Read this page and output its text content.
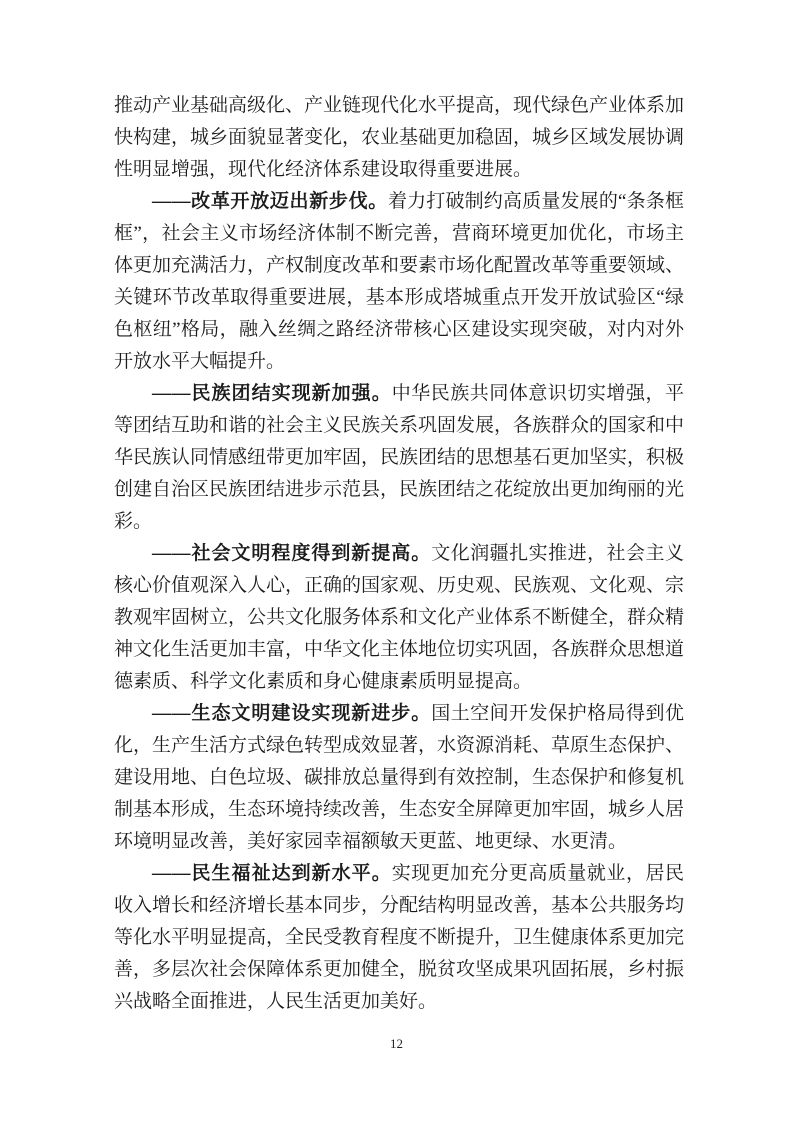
推动产业基础高级化、产业链现代化水平提高，现代绿色产业体系加快构建，城乡面貌显著变化，农业基础更加稳固，城乡区域发展协调性明显增强，现代化经济体系建设取得重要进展。

——改革开放迈出新步伐。着力打破制约高质量发展的“条条框框”，社会主义市场经济体制不断完善，营商环境更加优化，市场主体更加充满活力，产权制度改革和要素市场化配置改革等重要领域、关键环节改革取得重要进展，基本形成塔城重点开发开放试验区“绿色枢纽”格局，融入丝绸之路经济带核心区建设实现突破，对内对外开放水平大幅提升。

——民族团结实现新加强。中华民族共同体意识切实增强，平等团结互助和谐的社会主义民族关系巩固发展，各族群众的国家和中华民族认同情感纽带更加牢固，民族团结的思想基石更加坚实，积极创建自治区民族团结进步示范县，民族团结之花绽放出更加绚丽的光彩。

——社会文明程度得到新提高。文化润疆扎实推进，社会主义核心价值观深入人心，正确的国家观、历史观、民族观、文化观、宗教观牢固树立，公共文化服务体系和文化产业体系不断健全，群众精神文化生活更加丰富，中华文化主体地位切实巩固，各族群众思想道德素质、科学文化素质和身心健康素质明显提高。

——生态文明建设实现新进步。国土空间开发保护格局得到优化，生产生活方式绿色转型成效显著，水资源消耗、草原生态保护、建设用地、白色垃圾、碳排放总量得到有效控制，生态保护和修复机制基本形成，生态环境持续改善，生态安全屏障更加牢固，城乡人居环境明显改善，美好家园幸福额敏天更蓝、地更绿、水更清。

——民生福祉达到新水平。实现更加充分更高质量就业，居民收入增长和经济增长基本同步，分配结构明显改善，基本公共服务均等化水平明显提高，全民受教育程度不断提升，卫生健康体系更加完善，多层次社会保障体系更加健全，脱贫攻坚成果巩固拓展，乡村振兴战略全面推进，人民生活更加美好。

12
